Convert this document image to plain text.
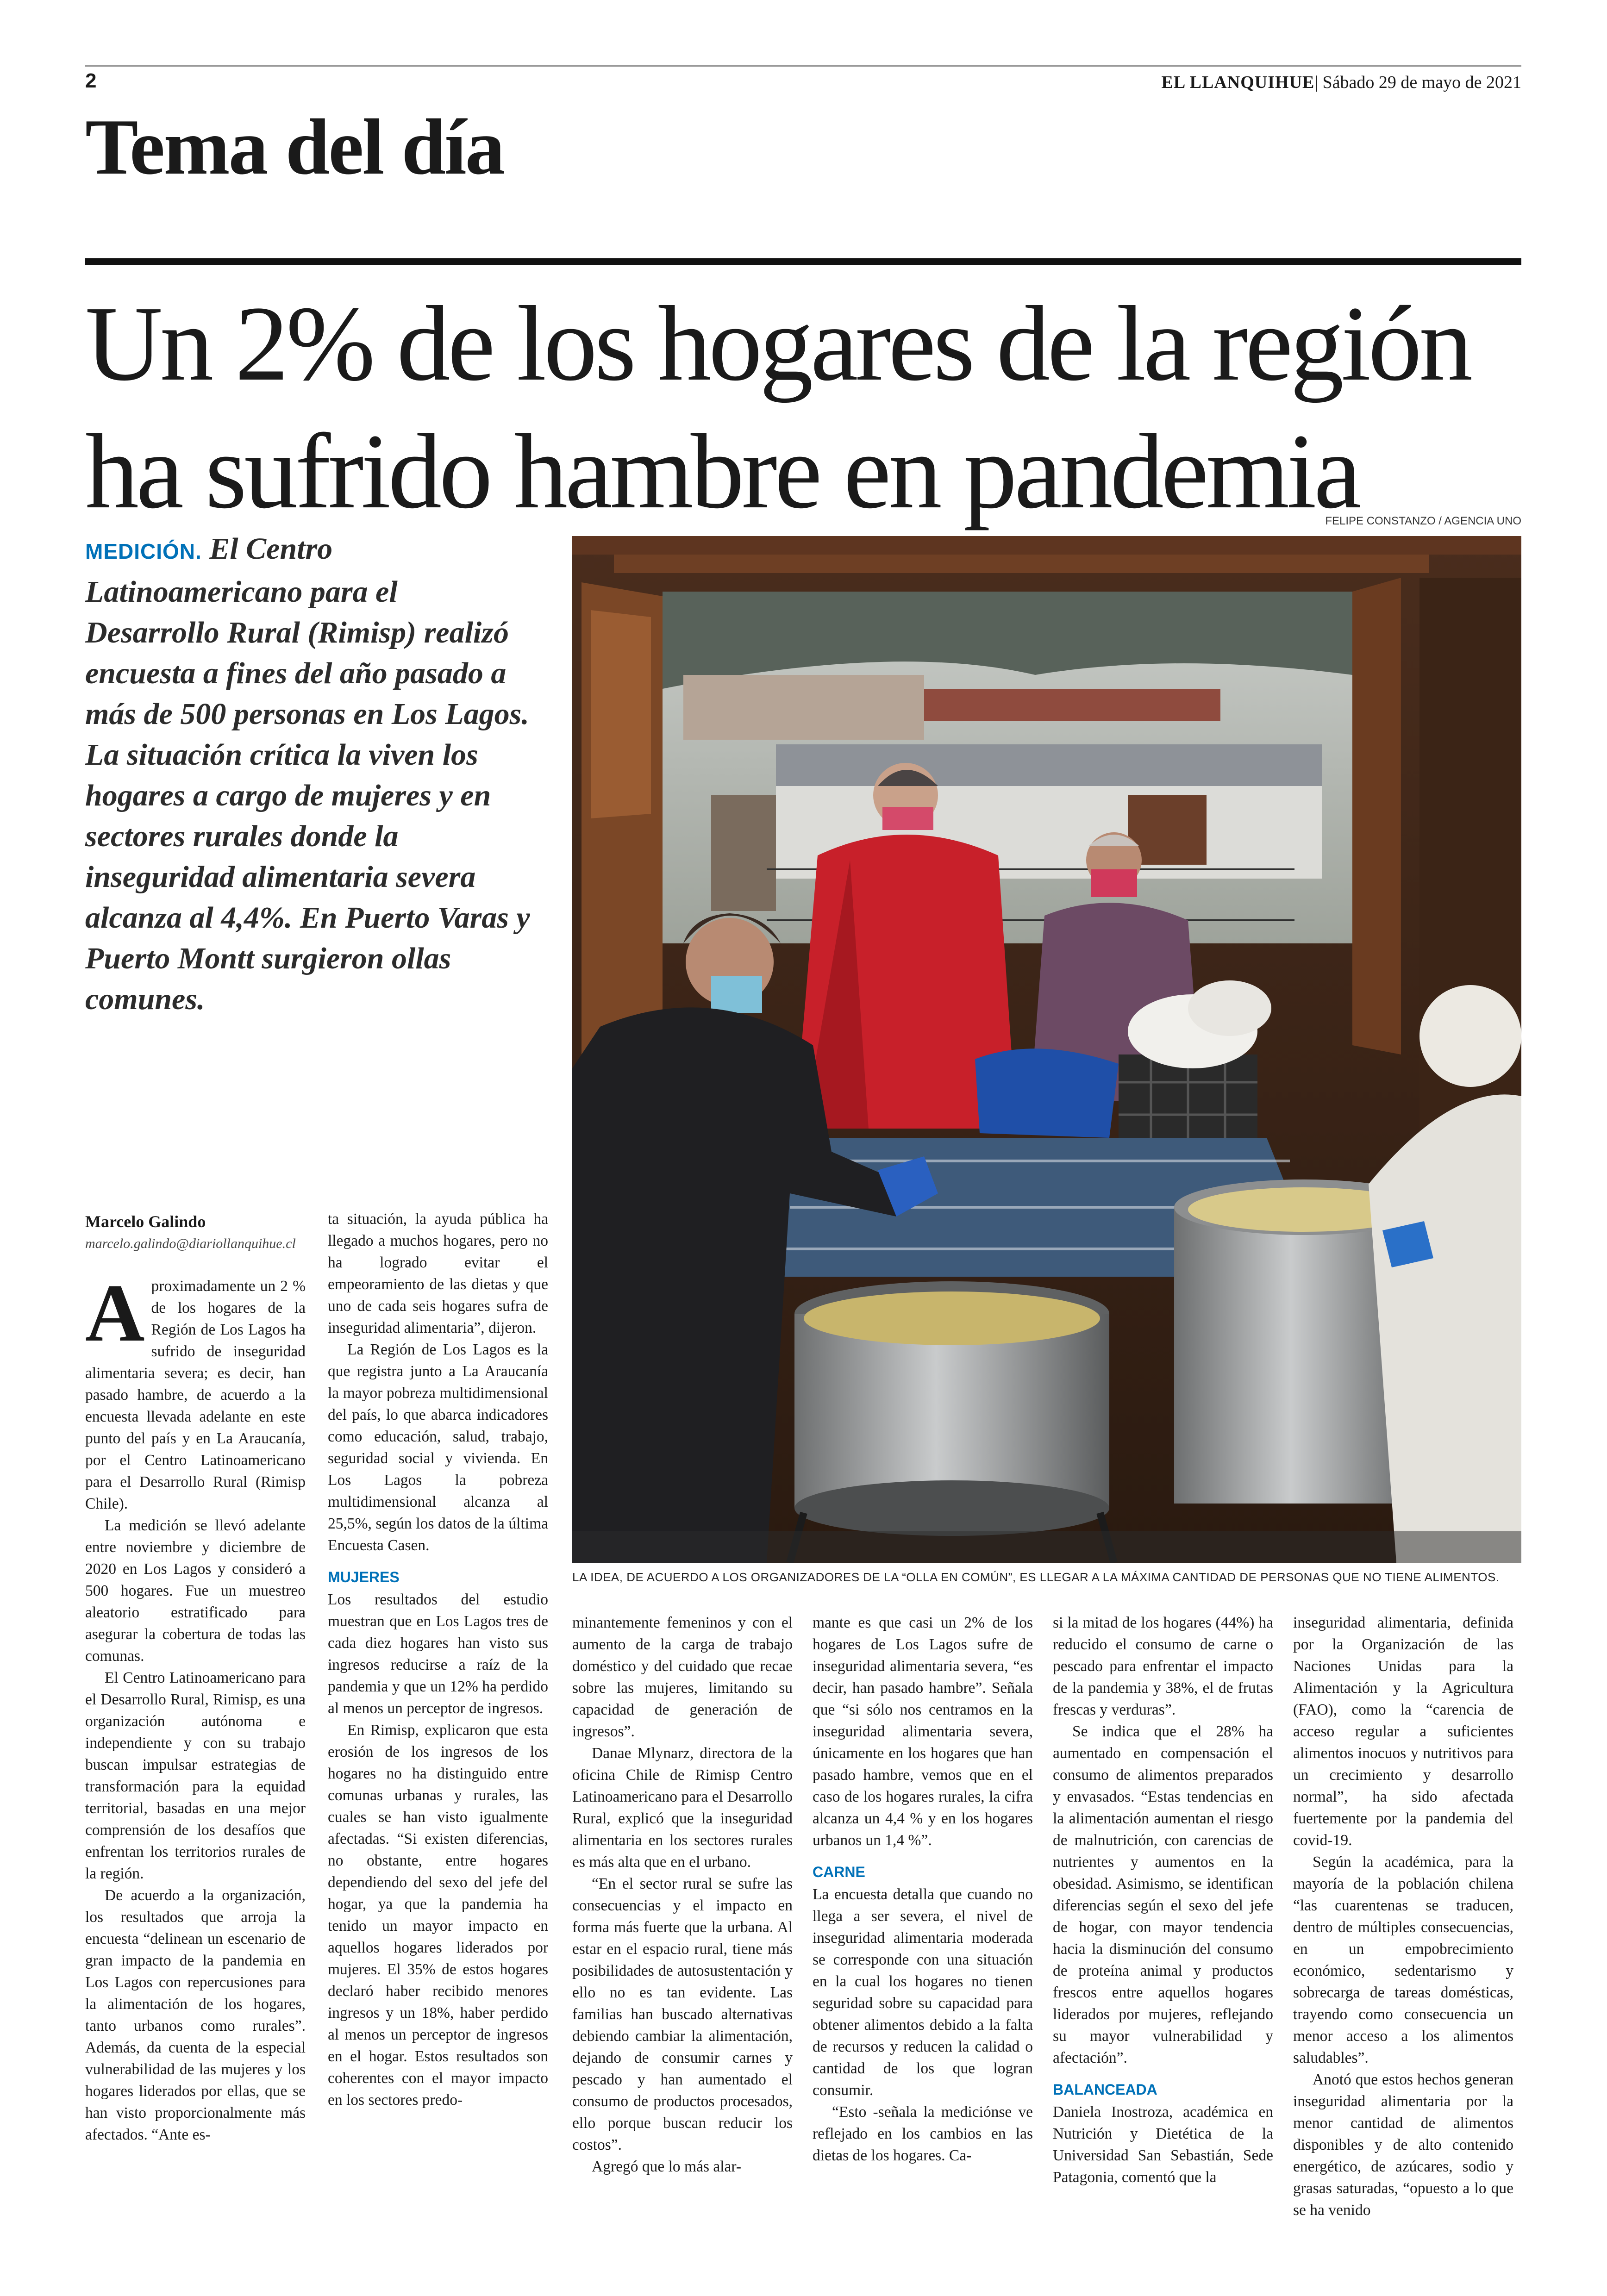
2	EL LLANQUIHUE| Sábado 29 de mayo de 2021
Tema del día
Un 2% de los hogares de la región ha sufrido hambre en pandemia
FELIPE CONSTANZO / AGENCIA UNO
MEDICIÓN. El Centro Latinoamericano para el Desarrollo Rural (Rimisp) realizó encuesta a fines del año pasado a más de 500 personas en Los Lagos. La situación crítica la viven los hogares a cargo de mujeres y en sectores rurales donde la inseguridad alimentaria severa alcanza al 4,4%. En Puerto Varas y Puerto Montt surgieron ollas comunes.
LA IDEA, DE ACUERDO A LOS ORGANIZADORES DE LA “OLLA EN COMÚN”, ES LLEGAR A LA MÁXIMA CANTIDAD DE PERSONAS QUE NO TIENE ALIMENTOS.
Marcelo Galindo
marcelo.galindo@diariollanquihue.cl

Aproximadamente un 2 % de los hogares de la Región de Los Lagos ha sufrido de inseguridad alimentaria severa; es decir, han pasado hambre, de acuerdo a la encuesta llevada adelante en este punto del país y en La Araucanía, por el Centro Latinoamericano para el Desarrollo Rural (Rimisp Chile).

La medición se llevó adelante entre noviembre y diciembre de 2020 en Los Lagos y consideró a 500 hogares. Fue un muestreo aleatorio estratificado para asegurar la cobertura de todas las comunas.

El Centro Latinoamericano para el Desarrollo Rural, Rimisp, es una organización autónoma e independiente y con su trabajo buscan impulsar estrategias de transformación para la equidad territorial, basadas en una mejor comprensión de los desafíos que enfrentan los territorios rurales de la región.

De acuerdo a la organización, los resultados que arroja la encuesta “delinean un escenario de gran impacto de la pandemia en Los Lagos con repercusiones para la alimentación de los hogares, tanto urbanos como rurales”. Además, da cuenta de la especial vulnerabilidad de las mujeres y los hogares liderados por ellas, que se han visto proporcionalmente más afectados. “Ante es-

ta situación, la ayuda pública ha llegado a muchos hogares, pero no ha logrado evitar el empeoramiento de las dietas y que uno de cada seis hogares sufra de inseguridad alimentaria”, dijeron.

La Región de Los Lagos es la que registra junto a La Araucanía la mayor pobreza multidimensional del país, lo que abarca indicadores como educación, salud, trabajo, seguridad social y vivienda. En Los Lagos la pobreza multidimensional alcanza al 25,5%, según los datos de la última Encuesta Casen.

MUJERES

Los resultados del estudio muestran que en Los Lagos tres de cada diez hogares han visto sus ingresos reducirse a raíz de la pandemia y que un 12% ha perdido al menos un perceptor de ingresos.

En Rimisp, explicaron que esta erosión de los ingresos de los hogares no ha distinguido entre comunas urbanas y rurales, las cuales se han visto igualmente afectadas. “Si existen diferencias, no obstante, entre hogares dependiendo del sexo del jefe del hogar, ya que la pandemia ha tenido un mayor impacto en aquellos hogares liderados por mujeres. El 35% de estos hogares declaró haber recibido menores ingresos y un 18%, haber perdido al menos un perceptor de ingresos en el hogar. Estos resultados son coherentes con el mayor impacto en los sectores predo-

minantemente femeninos y con el aumento de la carga de trabajo doméstico y del cuidado que recae sobre las mujeres, limitando su capacidad de generación de ingresos”.

Danae Mlynarz, directora de la oficina Chile de Rimisp Centro Latinoamericano para el Desarrollo Rural, explicó que la inseguridad alimentaria en los sectores rurales es más alta que en el urbano.

“En el sector rural se sufre las consecuencias y el impacto en forma más fuerte que la urbana. Al estar en el espacio rural, tiene más posibilidades de autosustentación y ello no es tan evidente. Las familias han buscado alternativas debiendo cambiar la alimentación, dejando de consumir carnes y pescado y han aumentado el consumo de productos procesados, ello porque buscan reducir los costos”.

Agregó que lo más alar-

mante es que casi un 2% de los hogares de Los Lagos sufre de inseguridad alimentaria severa, “es decir, han pasado hambre”. Señala que “si sólo nos centramos en la inseguridad alimentaria severa, únicamente en los hogares que han pasado hambre, vemos que en el caso de los hogares rurales, la cifra alcanza un 4,4 % y en los hogares urbanos un 1,4 %”.

CARNE

La encuesta detalla que cuando no llega a ser severa, el nivel de inseguridad alimentaria moderada se corresponde con una situación en la cual los hogares no tienen seguridad sobre su capacidad para obtener alimentos debido a la falta de recursos y reducen la calidad o cantidad de los que logran consumir.

“Esto -señala la mediciónse ve reflejado en los cambios en las dietas de los hogares. Ca-

si la mitad de los hogares (44%) ha reducido el consumo de carne o pescado para enfrentar el impacto de la pandemia y 38%, el de frutas frescas y verduras”.

Se indica que el 28% ha aumentado en compensación el consumo de alimentos preparados y envasados. “Estas tendencias en la alimentación aumentan el riesgo de malnutrición, con carencias de nutrientes y aumentos en la obesidad. Asimismo, se identifican diferencias según el sexo del jefe de hogar, con mayor tendencia hacia la disminución del consumo de proteína animal y productos frescos entre aquellos hogares liderados por mujeres, reflejando su mayor vulnerabilidad y afectación”.

BALANCEADA

Daniela Inostroza, académica en Nutrición y Dietética de la Universidad San Sebastián, Sede Patagonia, comentó que la

inseguridad alimentaria, definida por la Organización de las Naciones Unidas para la Alimentación y la Agricultura (FAO), como la “carencia de acceso regular a suficientes alimentos inocuos y nutritivos para un crecimiento y desarrollo normal”, ha sido afectada fuertemente por la pandemia del covid-19.

Según la académica, para la mayoría de la población chilena “las cuarentenas se traducen, dentro de múltiples consecuencias, en un empobrecimiento económico, sedentarismo y sobrecarga de tareas domésticas, trayendo como consecuencia un menor acceso a los alimentos saludables”.

Anotó que estos hechos generan inseguridad alimentaria por la menor cantidad de alimentos disponibles y de alto contenido energético, de azúcares, sodio y grasas saturadas, “opuesto a lo que se ha venido
